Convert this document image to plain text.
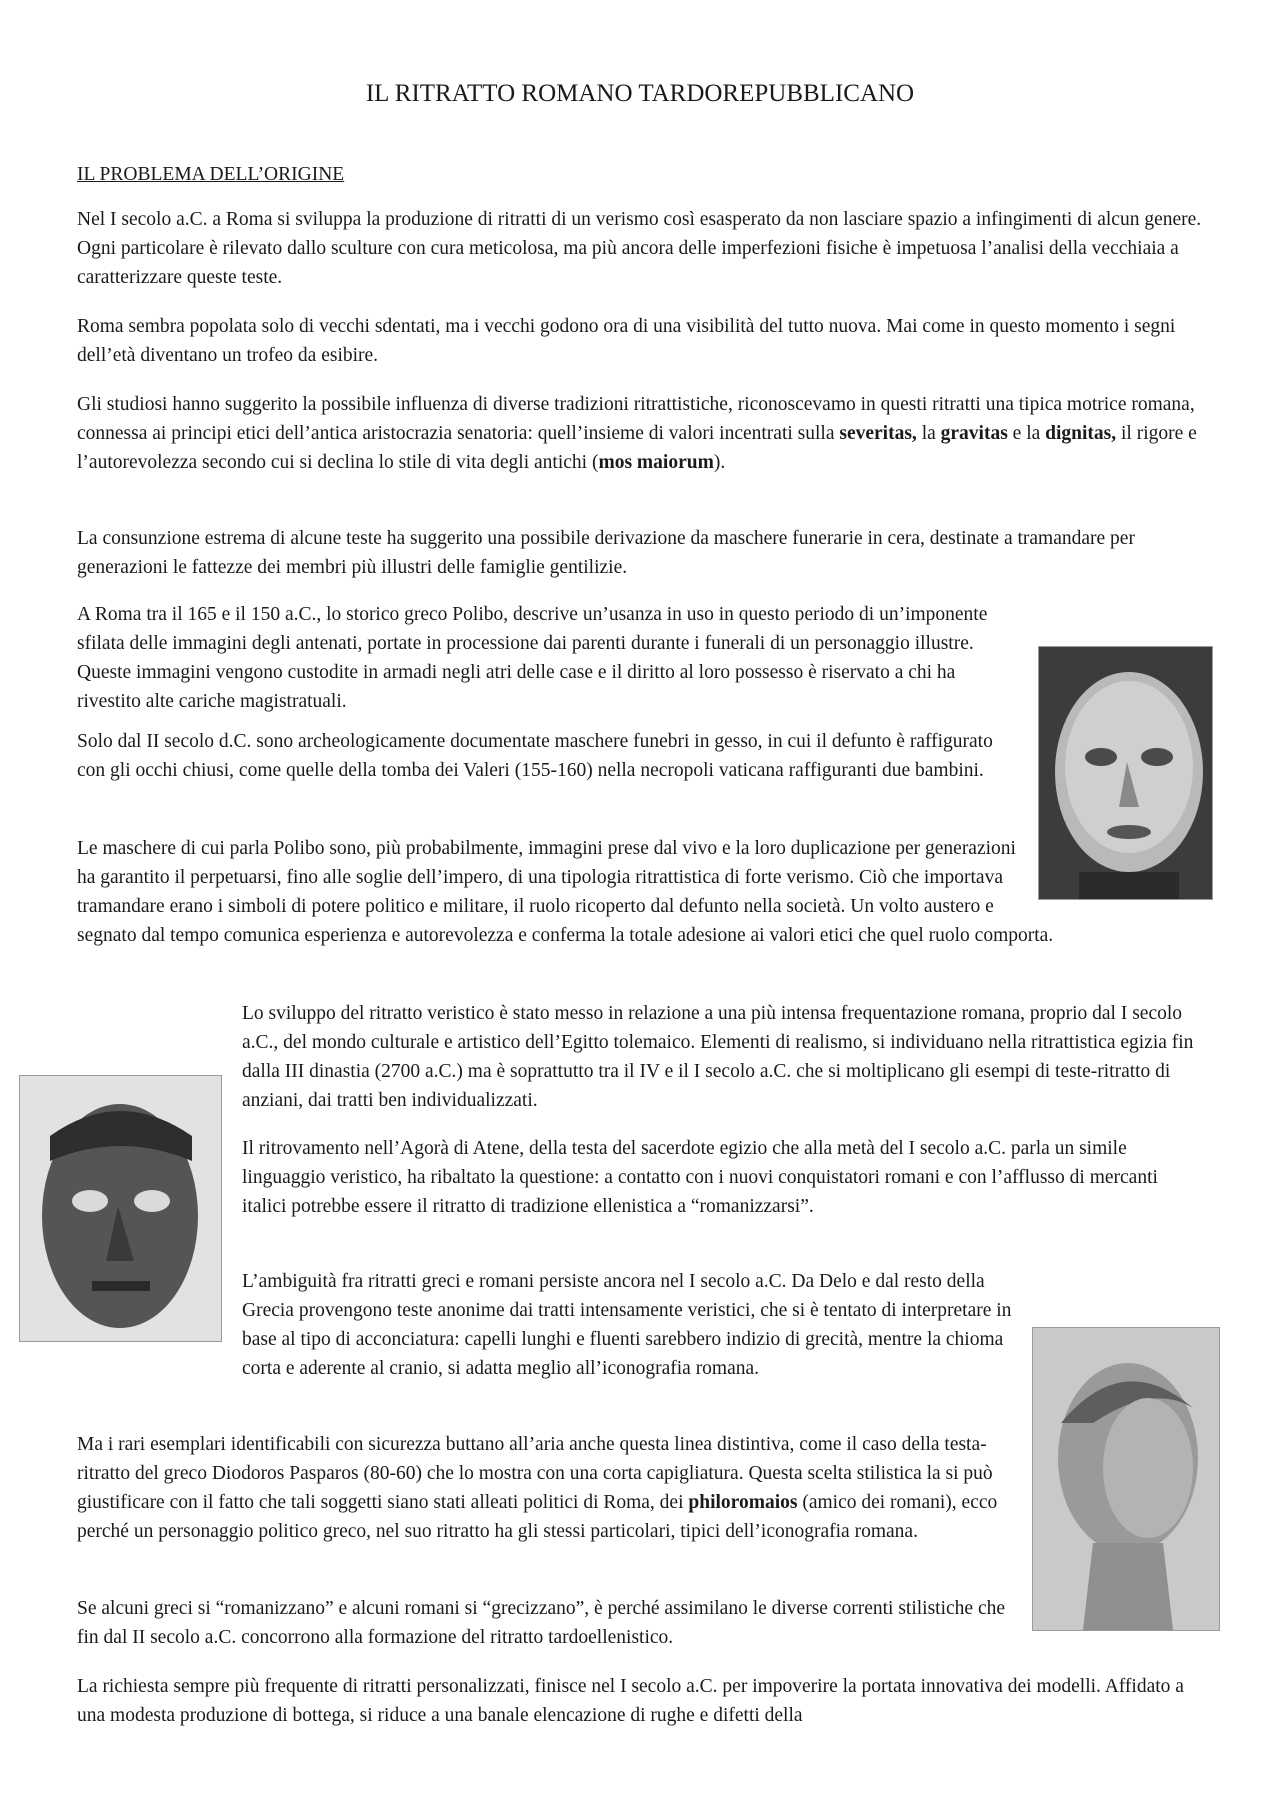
IL RITRATTO ROMANO TARDOREPUBBLICANO
IL PROBLEMA DELL’ORIGINE

Nel I secolo a.C. a Roma si sviluppa la produzione di ritratti di un verismo così esasperato da non lasciare spazio a infingimenti di alcun genere. Ogni particolare è rilevato dallo sculture con cura meticolosa, ma più ancora delle imperfezioni fisiche è impetuosa l’analisi della vecchiaia a caratterizzare queste teste.

Roma sembra popolata solo di vecchi sdentati, ma i vecchi godono ora di una visibilità del tutto nuova. Mai come in questo momento i segni dell’età diventano un trofeo da esibire.

Gli studiosi hanno suggerito la possibile influenza di diverse tradizioni ritrattistiche, riconoscevamo in questi ritratti una tipica motrice romana, connessa ai principi etici dell’antica aristocrazia senatoria: quell’insieme di valori incentrati sulla severitas, la gravitas e la dignitas, il rigore e l’autorevolezza secondo cui si declina lo stile di vita degli antichi (mos maiorum).

La consunzione estrema di alcune teste ha suggerito una possibile derivazione da maschere funerarie in cera, destinate a tramandare per generazioni le fattezze dei membri più illustri delle famiglie gentilizie.

A Roma tra il 165 e il 150 a.C., lo storico greco Polibo, descrive un’usanza in uso in questo periodo di un’imponente sfilata delle immagini degli antenati, portate in processione dai parenti durante i funerali di un personaggio illustre. Queste immagini vengono custodite in armadi negli atri delle case e il diritto al loro possesso è riservato a chi ha rivestito alte cariche magistratuali.
Solo dal II secolo d.C. sono archeologicamente documentate maschere funebri in gesso, in cui il defunto è raffigurato con gli occhi chiusi, come quelle della tomba dei Valeri (155-160) nella necropoli vaticana raffiguranti due bambini.
Le maschere di cui parla Polibo sono, più probabilmente, immagini prese dal vivo e la loro duplicazione per generazioni ha garantito il perpetuarsi, fino alle soglie dell’impero, di una tipologia ritrattistica di forte verismo. Ciò che importava tramandare erano i simboli di potere politico e militare, il ruolo ricoperto dal defunto nella società. Un volto austero e segnato dal tempo comunica esperienza e autorevolezza e conferma la totale adesione ai valori etici che quel ruolo comporta.
Lo sviluppo del ritratto veristico è stato messo in relazione a una più intensa frequentazione romana, proprio dal I secolo a.C., del mondo culturale e artistico dell’Egitto tolemaico. Elementi di realismo, si individuano nella ritrattistica egizia fin dalla III dinastia (2700 a.C.) ma è soprattutto tra il IV e il I secolo a.C. che si moltiplicano gli esempi di teste-ritratto di anziani, dai tratti ben individualizzati.
Il ritrovamento nell’Agorà di Atene, della testa del sacerdote egizio che alla metà del I secolo a.C. parla un simile linguaggio veristico, ha ribaltato la questione: a contatto con i nuovi conquistatori romani e con l’afflusso di mercanti italici potrebbe essere il ritratto di tradizione ellenistica a “romanizzarsi”.
L’ambiguità fra ritratti greci e romani persiste ancora nel I secolo a.C. Da Delo e dal resto della Grecia provengono teste anonime dai tratti intensamente veristici, che si è tentato di interpretare in base al tipo di acconciatura: capelli lunghi e fluenti sarebbero indizio di grecità, mentre la chioma corta e aderente al cranio, si adatta meglio all’iconografia romana.
Ma i rari esemplari identificabili con sicurezza buttano all’aria anche questa linea distintiva, come il caso della testa-ritratto del greco Diodoros Pasparos (80-60) che lo mostra con una corta capigliatura. Questa scelta stilistica la si può giustificare con il fatto che tali soggetti siano stati alleati politici di Roma, dei philoromaios (amico dei romani), ecco perché un personaggio politico greco, nel suo ritratto ha gli stessi particolari, tipici dell’iconografia romana.
Se alcuni greci si “romanizzano” e alcuni romani si “grecizzano”, è perché assimilano le diverse correnti stilistiche che fin dal II secolo a.C. concorrono alla formazione del ritratto tardoellenistico.
La richiesta sempre più frequente di ritratti personalizzati, finisce nel I secolo a.C. per impoverire la portata innovativa dei modelli. Affidato a una modesta produzione di bottega, si riduce a una banale elencazione di rughe e difetti della
